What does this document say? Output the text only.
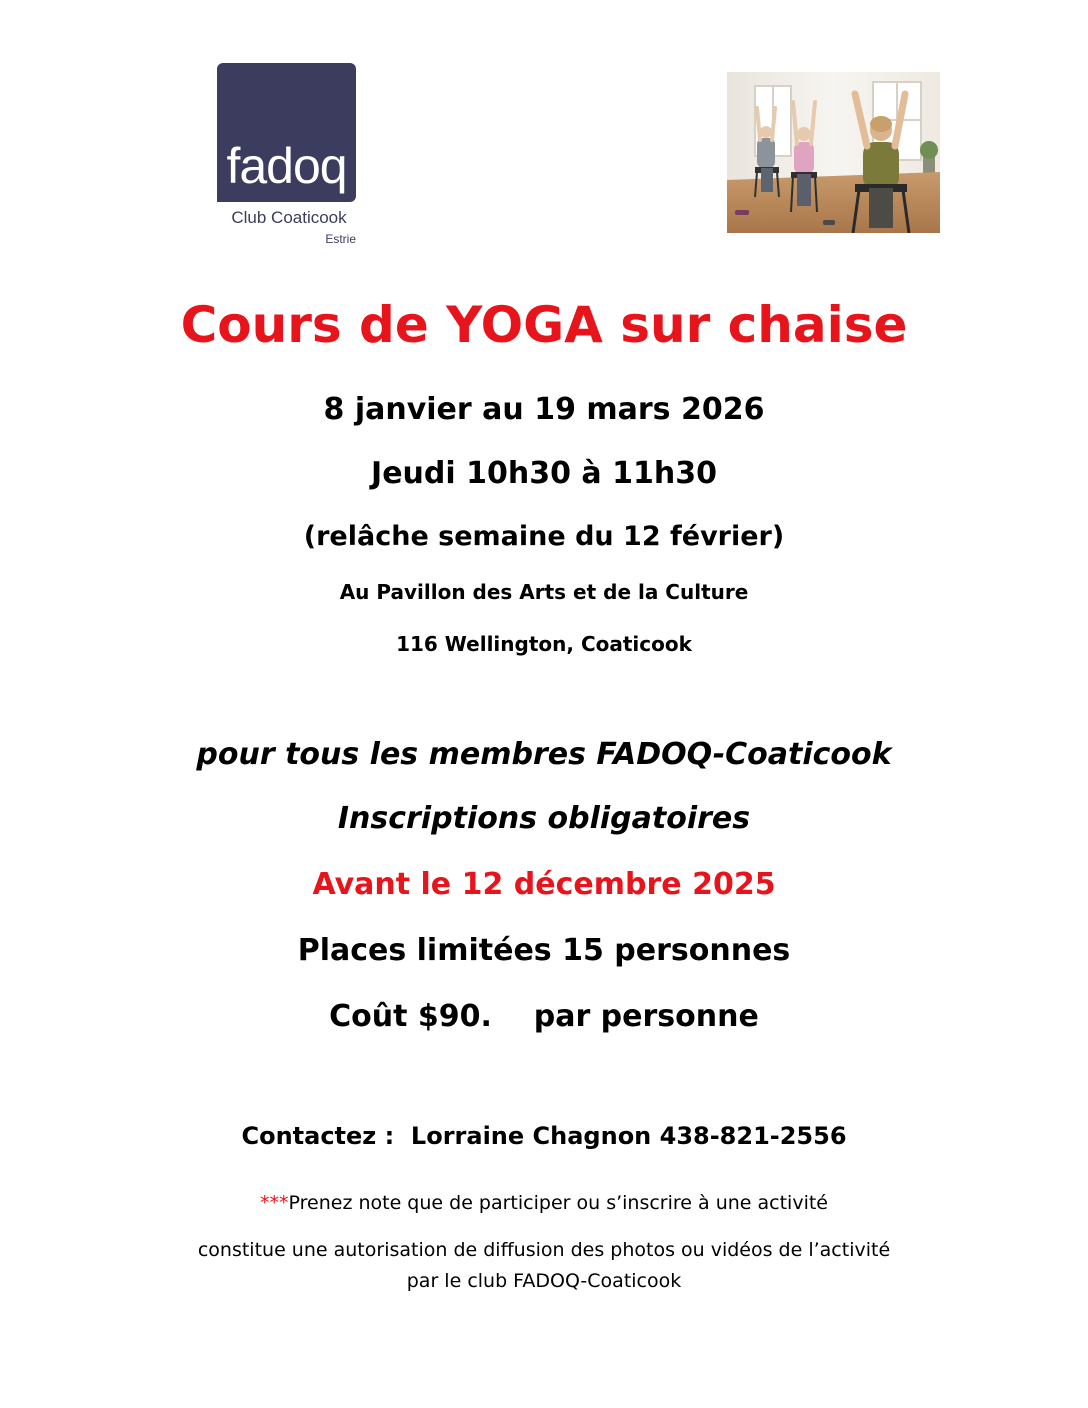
fadoq
Club Coaticook
Estrie
Cours de YOGA sur chaise
8 janvier au 19 mars 2026
Jeudi 10h30 à 11h30
(relâche semaine du 12 février)
Au Pavillon des Arts et de la Culture
116 Wellington, Coaticook
pour tous les membres FADOQ-Coaticook
Inscriptions obligatoires
Avant le 12 décembre 2025
Places limitées 15 personnes
Coût $90.    par personne
Contactez :  Lorraine Chagnon 438-821-2556
***Prenez note que de participer ou s’inscrire à une activité
constitue une autorisation de diffusion des photos ou vidéos de l’activité
par le club FADOQ-Coaticook
